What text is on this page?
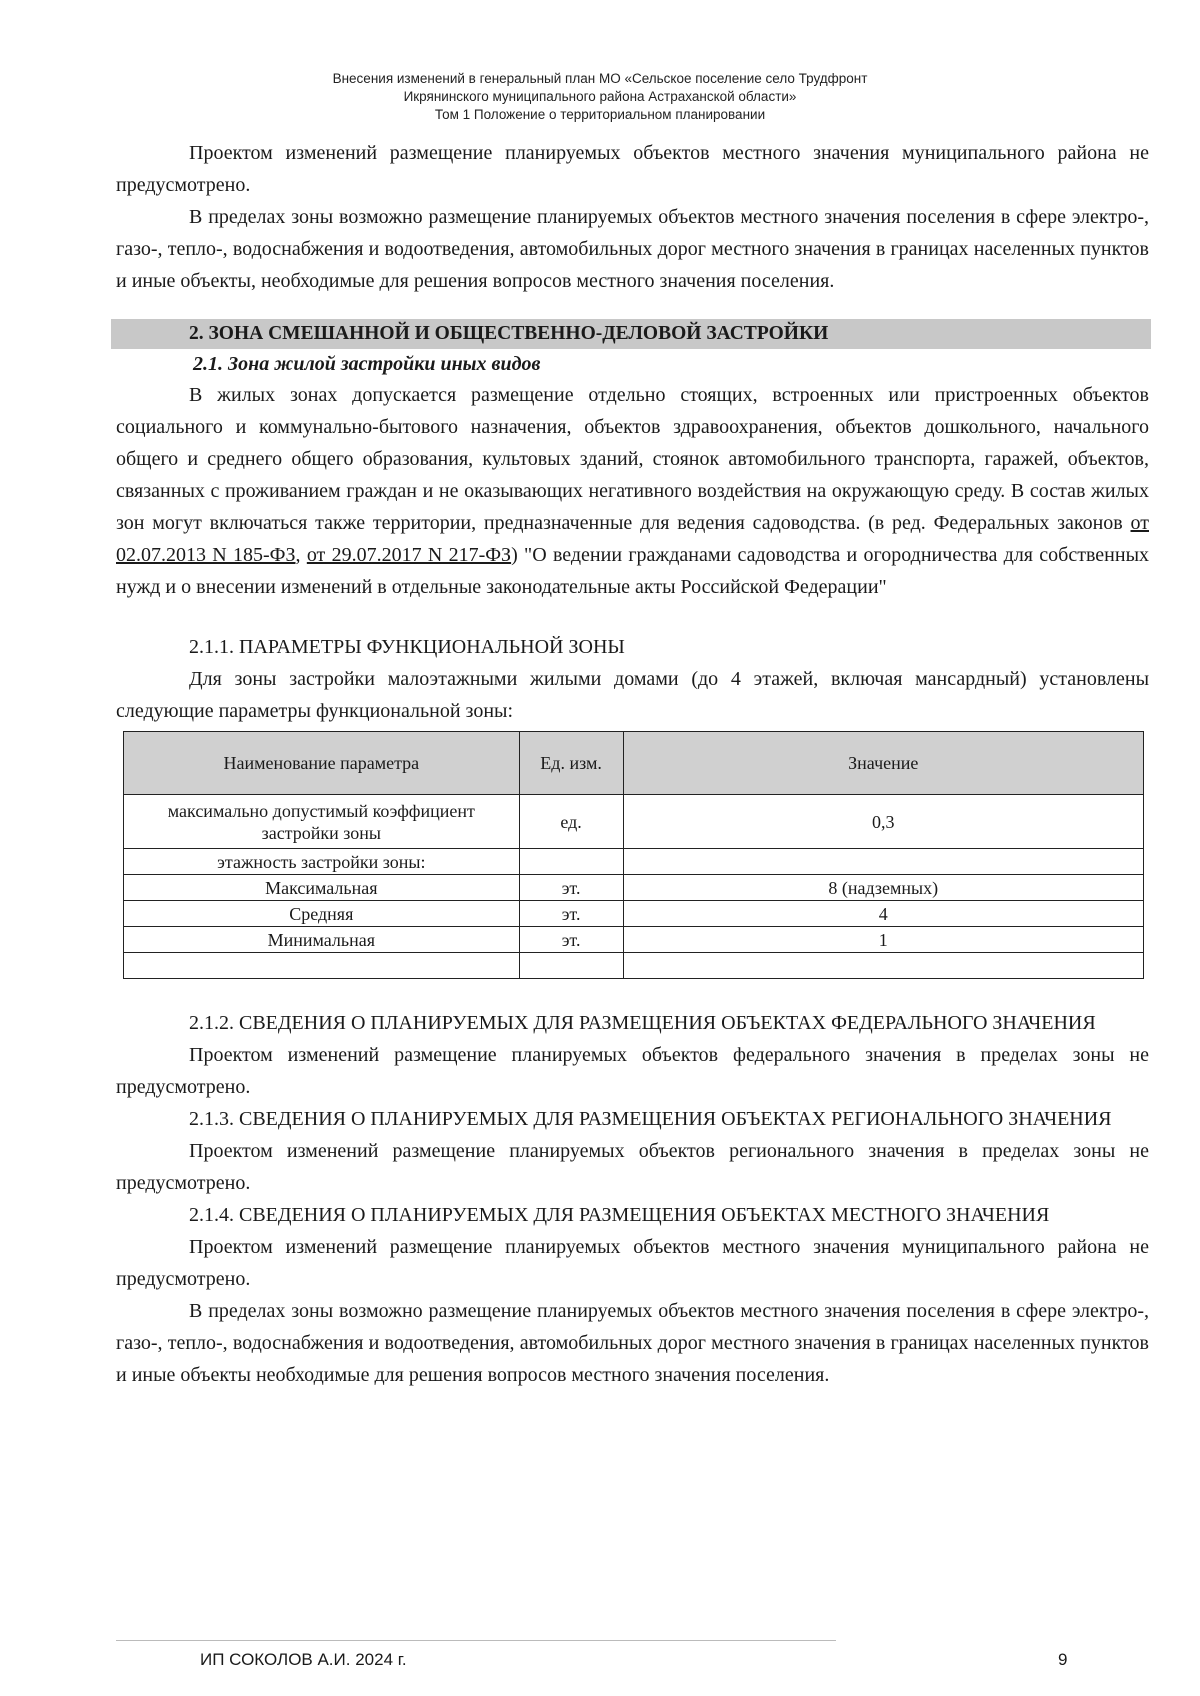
Внесения изменений в генеральный план МО «Сельское поселение село Трудфронт
Икрянинского муниципального района Астраханской области»
Том 1 Положение о территориальном планировании

Проектом изменений размещение планируемых объектов местного значения муниципального района не предусмотрено.

В пределах зоны возможно размещение планируемых объектов местного значения поселения в сфере электро-, газо-, тепло-, водоснабжения и водоотведения, автомобильных дорог местного значения в границах населенных пунктов и иные объекты, необходимые для решения вопросов местного значения поселения.

2. ЗОНА СМЕШАННОЙ И ОБЩЕСТВЕННО-ДЕЛОВОЙ ЗАСТРОЙКИ
2.1. Зона жилой застройки иных видов

В жилых зонах допускается размещение отдельно стоящих, встроенных или пристроенных объектов социального и коммунально-бытового назначения, объектов здравоохранения, объектов дошкольного, начального общего и среднего общего образования, культовых зданий, стоянок автомобильного транспорта, гаражей, объектов, связанных с проживанием граждан и не оказывающих негативного воздействия на окружающую среду. В состав жилых зон могут включаться также территории, предназначенные для ведения садоводства. (в ред. Федеральных законов от 02.07.2013 N 185-ФЗ, от 29.07.2017 N 217-ФЗ) "О ведении гражданами садоводства и огородничества для собственных нужд и о внесении изменений в отдельные законодательные акты Российской Федерации"

2.1.1. ПАРАМЕТРЫ ФУНКЦИОНАЛЬНОЙ ЗОНЫ

Для зоны застройки малоэтажными жилыми домами (до 4 этажей, включая мансардный) установлены следующие параметры функциональной зоны:

Наименование параметра	Ед. изм.	Значение
максимально допустимый коэффициент застройки зоны	ед.	0,3
этажность застройки зоны:		
Максимальная	эт.	8 (надземных)
Средняя	эт.	4
Минимальная	эт.	1

2.1.2. СВЕДЕНИЯ О ПЛАНИРУЕМЫХ ДЛЯ РАЗМЕЩЕНИЯ ОБЪЕКТАХ ФЕДЕРАЛЬНОГО ЗНАЧЕНИЯ

Проектом изменений размещение планируемых объектов федерального значения в пределах зоны не предусмотрено.

2.1.3. СВЕДЕНИЯ О ПЛАНИРУЕМЫХ ДЛЯ РАЗМЕЩЕНИЯ ОБЪЕКТАХ РЕГИОНАЛЬНОГО ЗНАЧЕНИЯ

Проектом изменений размещение планируемых объектов регионального значения в пределах зоны не предусмотрено.

2.1.4. СВЕДЕНИЯ О ПЛАНИРУЕМЫХ ДЛЯ РАЗМЕЩЕНИЯ ОБЪЕКТАХ МЕСТНОГО ЗНАЧЕНИЯ

Проектом изменений размещение планируемых объектов местного значения муниципального района не предусмотрено.

В пределах зоны возможно размещение планируемых объектов местного значения поселения в сфере электро-, газо-, тепло-, водоснабжения и водоотведения, автомобильных дорог местного значения в границах населенных пунктов и иные объекты необходимые для решения вопросов местного значения поселения.

ИП СОКОЛОВ А.И. 2024 г.	9
